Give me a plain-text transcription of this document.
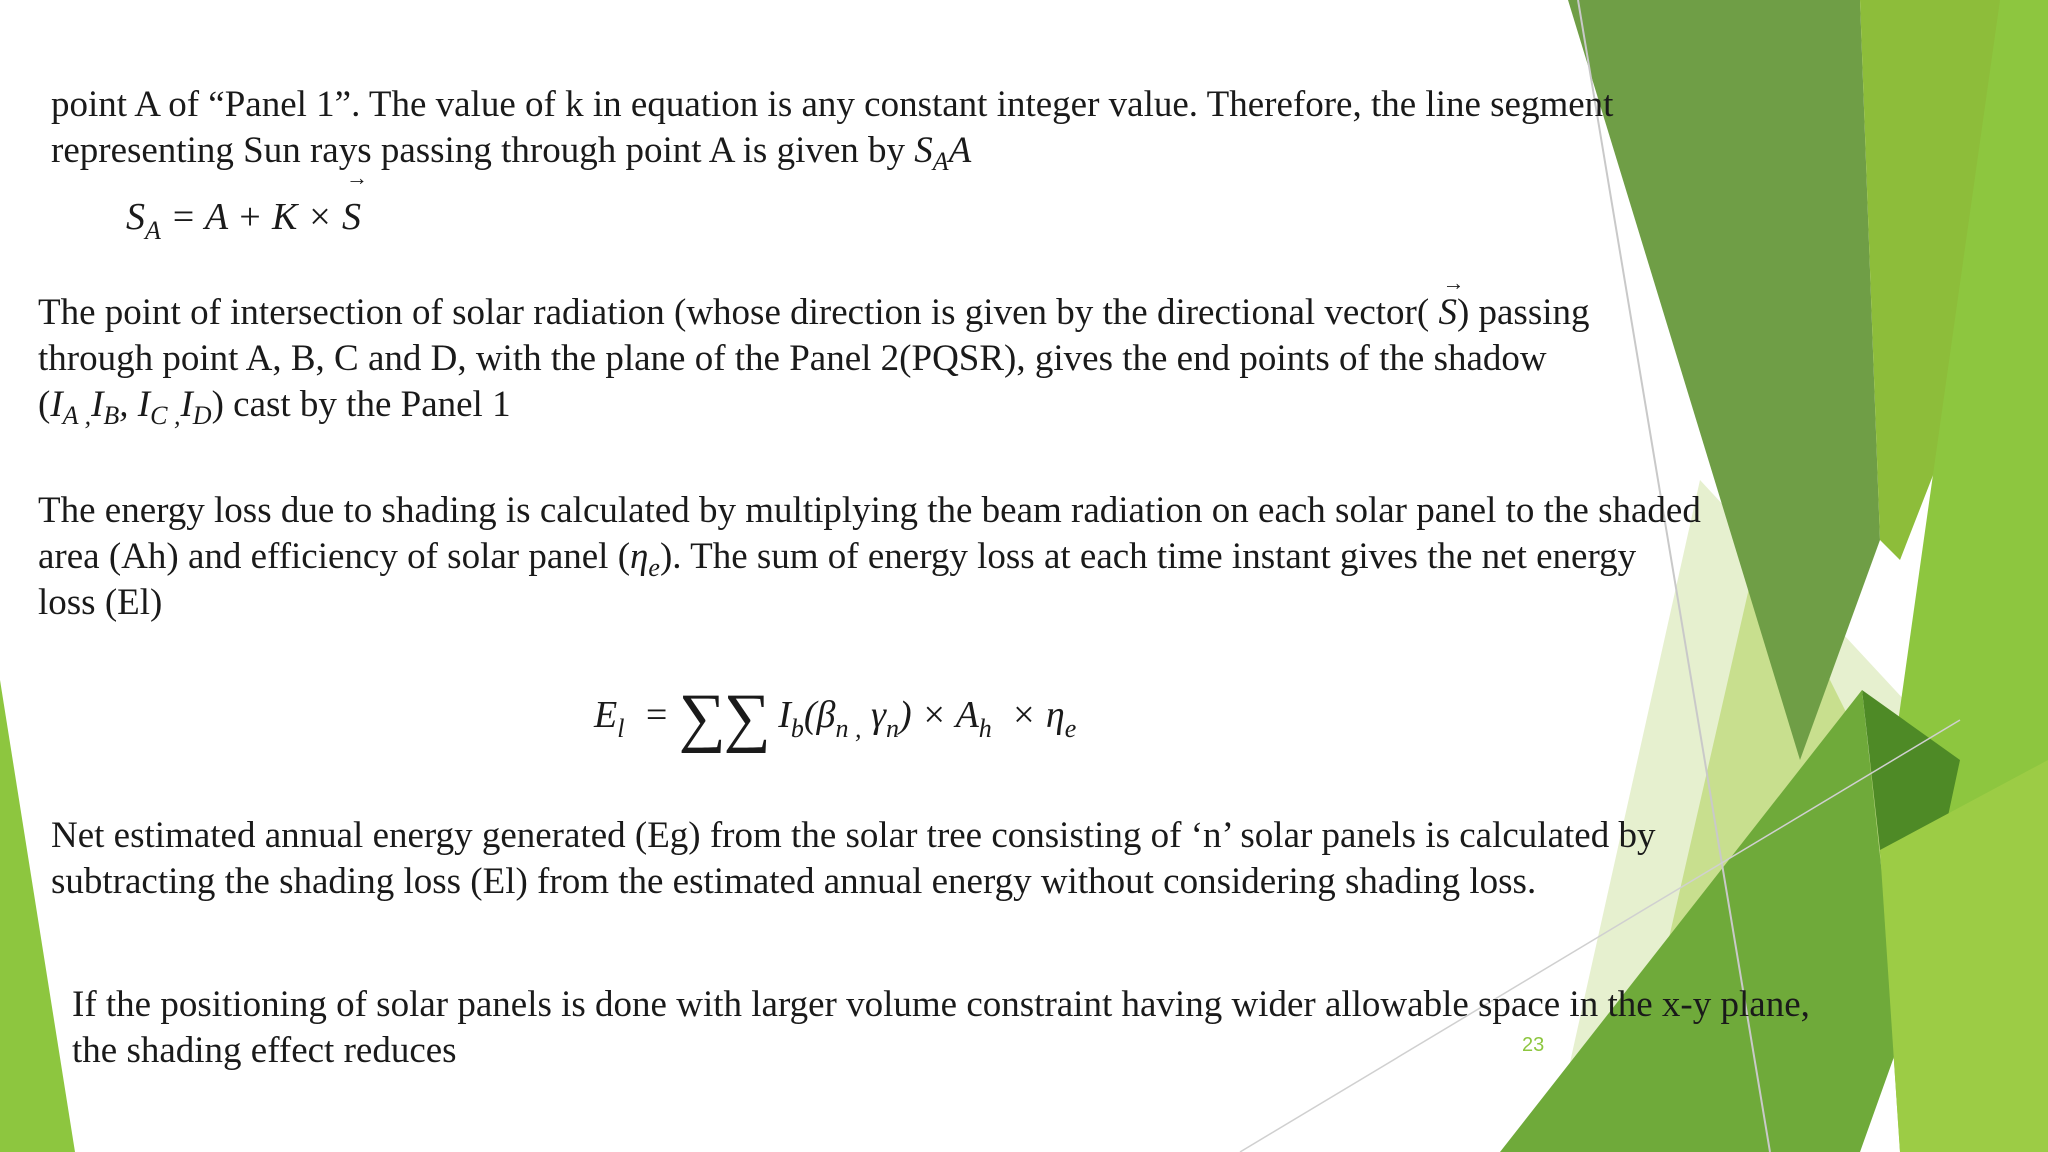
point A of “Panel 1”. The value of k in equation is any constant integer value. Therefore, the line segment
representing Sun rays passing through point A is given by $S_AA$
$S_A = A + K$ × → S
The point of intersection of solar radiation (whose direction is given by the directional vector( → S) passing
through point A, B, C and D, with the plane of the Panel 2(PQSR), gives the end points of the shadow
($I_{A ,}I_B$, $I_{C ,}I_D$) cast by the Panel 1
The energy loss due to shading is calculated by multiplying the beam radiation on each solar panel to the shaded
area (Ah) and efficiency of solar panel $(\eta_e)$. The sum of energy loss at each time instant gives the net energy
loss (El)
$E_l$  = ∑∑ $I_b(\beta_{n ,}$ $\gamma_n) \times A_h \times \eta_e$
Net estimated annual energy generated (Eg) from the solar tree consisting of ‘n’ solar panels is calculated by
subtracting the shading loss (El) from the estimated annual energy without considering shading loss.
If the positioning of solar panels is done with larger volume constraint having wider allowable space in the x-y plane,
the shading effect reduces	23
